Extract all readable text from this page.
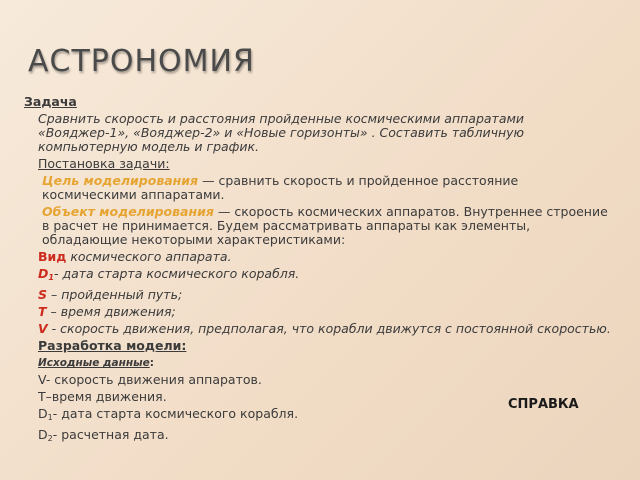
АСТРОНОМИЯ

Задача

Сравнить скорость и расстояния пройденные космическими аппаратами «Вояджер-1», «Вояджер-2» и «Новые горизонты» . Составить табличную компьютерную модель и график.

Постановка задачи:

Цель моделирования — сравнить скорость и пройденное расстояние космическими аппаратами.

Объект моделирования — скорость космических аппаратов. Внутреннее строение в расчет не принимается. Будем рассматривать аппараты как элементы, обладающие некоторыми характеристиками:

Вид космического аппарата.

$D_1-$ дата старта космического корабля.

S – пройденный путь;

T – время движения;

V - скорость движения, предполагая, что корабли движутся с постоянной скоростью.

Разработка модели:

Исходные данные:

V- скорость движения аппаратов.

T–время движения.

$D_1-$ дата старта космического корабля.

$D_2-$ расчетная дата.

СПРАВКА
